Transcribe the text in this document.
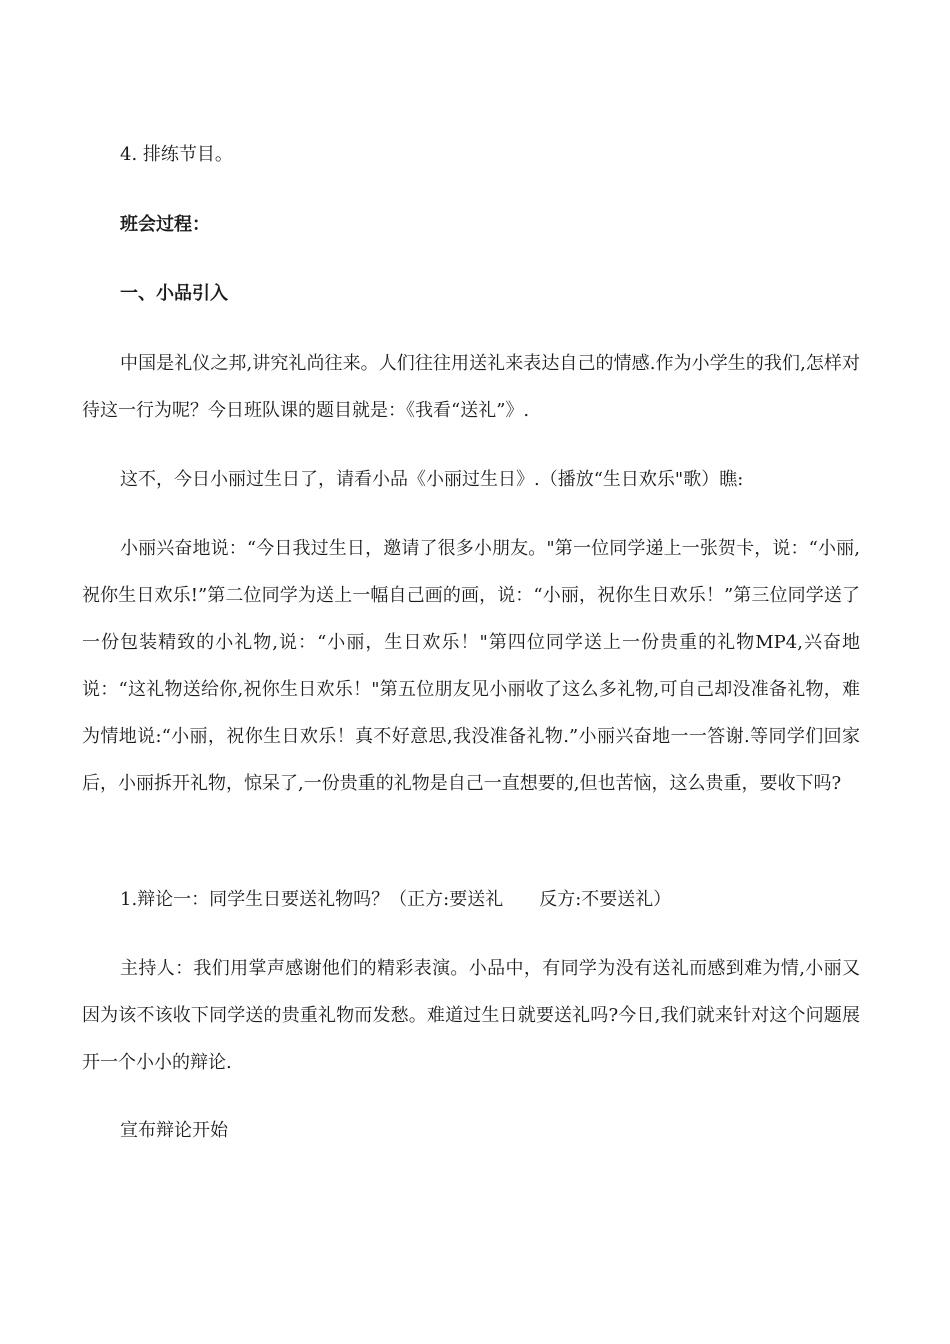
4. 排练节目。

班会过程：

一、小品引入

中国是礼仪之邦,讲究礼尚往来。人们往往用送礼来表达自己的情感.作为小学生的我们,怎样对待这一行为呢？今日班队课的题目就是：《我看“送礼”》.

这不，今日小丽过生日了，请看小品《小丽过生日》.（播放“生日欢乐"歌）瞧:

小丽兴奋地说：“今日我过生日，邀请了很多小朋友。"第一位同学递上一张贺卡，说：“小丽,祝你生日欢乐!”第二位同学为送上一幅自己画的画，说：“小丽，祝你生日欢乐！”第三位同学送了一份包装精致的小礼物,说：“小丽，生日欢乐！"第四位同学送上一份贵重的礼物MP4,兴奋地说：“这礼物送给你,祝你生日欢乐！"第五位朋友见小丽收了这么多礼物,可自己却没准备礼物，难为情地说:“小丽，祝你生日欢乐！真不好意思,我没准备礼物.”小丽兴奋地一一答谢.等同学们回家后，小丽拆开礼物，惊呆了,一份贵重的礼物是自己一直想要的,但也苦恼，这么贵重，要收下吗?

1.辩论一：同学生日要送礼物吗？（正方:要送礼　　反方:不要送礼）

主持人：我们用掌声感谢他们的精彩表演。小品中，有同学为没有送礼而感到难为情,小丽又因为该不该收下同学送的贵重礼物而发愁。难道过生日就要送礼吗?今日,我们就来针对这个问题展开一个小小的辩论.

宣布辩论开始
